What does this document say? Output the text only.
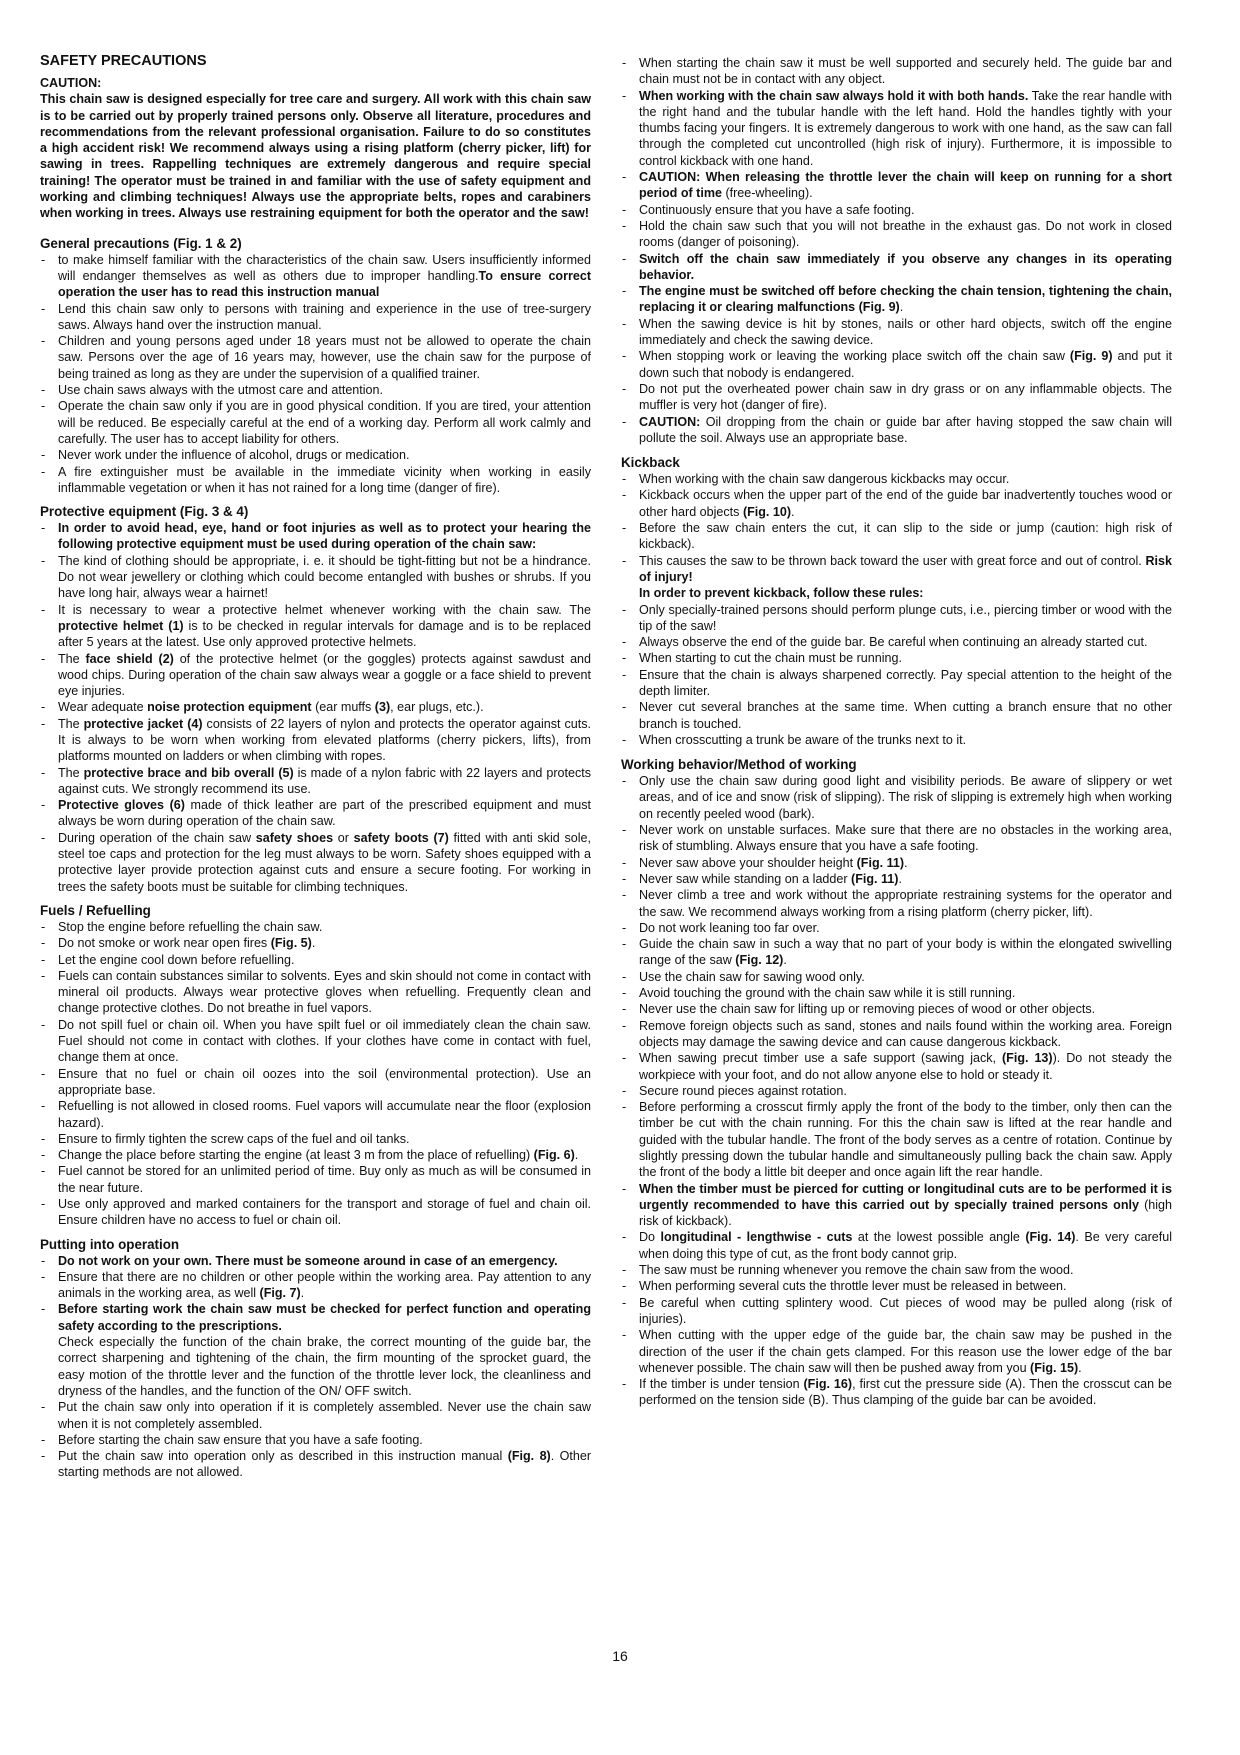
SAFETY PRECAUTIONS
CAUTION:
This chain saw is designed especially for tree care and surgery. All work with this chain saw is to be carried out by properly trained persons only. Observe all literature, procedures and recommendations from the relevant professional organisation. Failure to do so constitutes a high accident risk! We recommend always using a rising platform (cherry picker, lift) for sawing in trees. Rappelling techniques are extremely dangerous and require special training! The operator must be trained in and familiar with the use of safety equipment and working and climbing techniques! Always use the appropriate belts, ropes and carabiners when working in trees. Always use restraining equipment for both the operator and the saw!
General precautions (Fig. 1 & 2)
- to make himself familiar with the characteristics of the chain saw. Users insufficiently informed will endanger themselves as well as others due to improper handling.To ensure correct operation the user has to read this instruction manual
- Lend this chain saw only to persons with training and experience in the use of tree-surgery saws. Always hand over the instruction manual.
- Children and young persons aged under 18 years must not be allowed to operate the chain saw. Persons over the age of 16 years may, however, use the chain saw for the purpose of being trained as long as they are under the supervision of a qualified trainer.
- Use chain saws always with the utmost care and attention.
- Operate the chain saw only if you are in good physical condition. If you are tired, your attention will be reduced. Be especially careful at the end of a working day. Perform all work calmly and carefully. The user has to accept liability for others.
- Never work under the influence of alcohol, drugs or medication.
- A fire extinguisher must be available in the immediate vicinity when working in easily inflammable vegetation or when it has not rained for a long time (danger of fire).
Protective equipment (Fig. 3 & 4)
- In order to avoid head, eye, hand or foot injuries as well as to protect your hearing the following protective equipment must be used during operation of the chain saw:
- The kind of clothing should be appropriate, i. e. it should be tight-fitting but not be a hindrance. Do not wear jewellery or clothing which could become entangled with bushes or shrubs. If you have long hair, always wear a hairnet!
- It is necessary to wear a protective helmet whenever working with the chain saw. The protective helmet (1) is to be checked in regular intervals for damage and is to be replaced after 5 years at the latest. Use only approved protective helmets.
- The face shield (2) of the protective helmet (or the goggles) protects against sawdust and wood chips. During operation of the chain saw always wear a goggle or a face shield to prevent eye injuries.
- Wear adequate noise protection equipment (ear muffs (3), ear plugs, etc.).
- The protective jacket (4) consists of 22 layers of nylon and protects the operator against cuts. It is always to be worn when working from elevated platforms (cherry pickers, lifts), from platforms mounted on ladders or when climbing with ropes.
- The protective brace and bib overall (5) is made of a nylon fabric with 22 layers and protects against cuts. We strongly recommend its use.
- Protective gloves (6) made of thick leather are part of the prescribed equipment and must always be worn during operation of the chain saw.
- During operation of the chain saw safety shoes or safety boots (7) fitted with anti skid sole, steel toe caps and protection for the leg must always to be worn. Safety shoes equipped with a protective layer provide protection against cuts and ensure a secure footing. For working in trees the safety boots must be suitable for climbing techniques.
Fuels / Refuelling
- Stop the engine before refuelling the chain saw.
- Do not smoke or work near open fires (Fig. 5).
- Let the engine cool down before refuelling.
- Fuels can contain substances similar to solvents. Eyes and skin should not come in contact with mineral oil products. Always wear protective gloves when refuelling. Frequently clean and change protective clothes. Do not breathe in fuel vapors.
- Do not spill fuel or chain oil. When you have spilt fuel or oil immediately clean the chain saw. Fuel should not come in contact with clothes. If your clothes have come in contact with fuel, change them at once.
- Ensure that no fuel or chain oil oozes into the soil (environmental protection). Use an appropriate base.
- Refuelling is not allowed in closed rooms. Fuel vapors will accumulate near the floor (explosion hazard).
- Ensure to firmly tighten the screw caps of the fuel and oil tanks.
- Change the place before starting the engine (at least 3 m from the place of refuelling) (Fig. 6).
- Fuel cannot be stored for an unlimited period of time. Buy only as much as will be consumed in the near future.
- Use only approved and marked containers for the transport and storage of fuel and chain oil. Ensure children have no access to fuel or chain oil.
Putting into operation
- Do not work on your own. There must be someone around in case of an emergency.
- Ensure that there are no children or other people within the working area. Pay attention to any animals in the working area, as well (Fig. 7).
- Before starting work the chain saw must be checked for perfect function and operating safety according to the prescriptions.
Check especially the function of the chain brake, the correct mounting of the guide bar, the correct sharpening and tightening of the chain, the firm mounting of the sprocket guard, the easy motion of the throttle lever and the function of the throttle lever lock, the cleanliness and dryness of the handles, and the function of the ON/ OFF switch.
- Put the chain saw only into operation if it is completely assembled. Never use the chain saw when it is not completely assembled.
- Before starting the chain saw ensure that you have a safe footing.
- Put the chain saw into operation only as described in this instruction manual (Fig. 8). Other starting methods are not allowed.
- When starting the chain saw it must be well supported and securely held. The guide bar and chain must not be in contact with any object.
- When working with the chain saw always hold it with both hands. Take the rear handle with the right hand and the tubular handle with the left hand. Hold the handles tightly with your thumbs facing your fingers. It is extremely dangerous to work with one hand, as the saw can fall through the completed cut uncontrolled (high risk of injury). Furthermore, it is impossible to control kickback with one hand.
- CAUTION: When releasing the throttle lever the chain will keep on running for a short period of time (free-wheeling).
- Continuously ensure that you have a safe footing.
- Hold the chain saw such that you will not breathe in the exhaust gas. Do not work in closed rooms (danger of poisoning).
- Switch off the chain saw immediately if you observe any changes in its operating behavior.
- The engine must be switched off before checking the chain tension, tightening the chain, replacing it or clearing malfunctions (Fig. 9).
- When the sawing device is hit by stones, nails or other hard objects, switch off the engine immediately and check the sawing device.
- When stopping work or leaving the working place switch off the chain saw (Fig. 9) and put it down such that nobody is endangered.
- Do not put the overheated power chain saw in dry grass or on any inflammable objects. The muffler is very hot (danger of fire).
- CAUTION: Oil dropping from the chain or guide bar after having stopped the saw chain will pollute the soil. Always use an appropriate base.
Kickback
- When working with the chain saw dangerous kickbacks may occur.
- Kickback occurs when the upper part of the end of the guide bar inadvertently touches wood or other hard objects (Fig. 10).
- Before the saw chain enters the cut, it can slip to the side or jump (caution: high risk of kickback).
- This causes the saw to be thrown back toward the user with great force and out of control. Risk of injury!
In order to prevent kickback, follow these rules:
- Only specially-trained persons should perform plunge cuts, i.e., piercing timber or wood with the tip of the saw!
- Always observe the end of the guide bar. Be careful when continuing an already started cut.
- When starting to cut the chain must be running.
- Ensure that the chain is always sharpened correctly. Pay special attention to the height of the depth limiter.
- Never cut several branches at the same time. When cutting a branch ensure that no other branch is touched.
- When crosscutting a trunk be aware of the trunks next to it.
Working behavior/Method of working
- Only use the chain saw during good light and visibility periods. Be aware of slippery or wet areas, and of ice and snow (risk of slipping). The risk of slipping is extremely high when working on recently peeled wood (bark).
- Never work on unstable surfaces. Make sure that there are no obstacles in the working area, risk of stumbling. Always ensure that you have a safe footing.
- Never saw above your shoulder height (Fig. 11).
- Never saw while standing on a ladder (Fig. 11).
- Never climb a tree and work without the appropriate restraining systems for the operator and the saw. We recommend always working from a rising platform (cherry picker, lift).
- Do not work leaning too far over.
- Guide the chain saw in such a way that no part of your body is within the elongated swivelling range of the saw (Fig. 12).
- Use the chain saw for sawing wood only.
- Avoid touching the ground with the chain saw while it is still running.
- Never use the chain saw for lifting up or removing pieces of wood or other objects.
- Remove foreign objects such as sand, stones and nails found within the working area. Foreign objects may damage the sawing device and can cause dangerous kickback.
- When sawing precut timber use a safe support (sawing jack, (Fig. 13)). Do not steady the workpiece with your foot, and do not allow anyone else to hold or steady it.
- Secure round pieces against rotation.
- Before performing a crosscut firmly apply the front of the body to the timber, only then can the timber be cut with the chain running. For this the chain saw is lifted at the rear handle and guided with the tubular handle. The front of the body serves as a centre of rotation. Continue by slightly pressing down the tubular handle and simultaneously pulling back the chain saw. Apply the front of the body a little bit deeper and once again lift the rear handle.
- When the timber must be pierced for cutting or longitudinal cuts are to be performed it is urgently recommended to have this carried out by specially trained persons only (high risk of kickback).
- Do longitudinal - lengthwise - cuts at the lowest possible angle (Fig. 14). Be very careful when doing this type of cut, as the front body cannot grip.
- The saw must be running whenever you remove the chain saw from the wood.
- When performing several cuts the throttle lever must be released in between.
- Be careful when cutting splintery wood. Cut pieces of wood may be pulled along (risk of injuries).
- When cutting with the upper edge of the guide bar, the chain saw may be pushed in the direction of the user if the chain gets clamped. For this reason use the lower edge of the bar whenever possible. The chain saw will then be pushed away from you (Fig. 15).
- If the timber is under tension (Fig. 16), first cut the pressure side (A). Then the crosscut can be performed on the tension side (B). Thus clamping of the guide bar can be avoided.
16
